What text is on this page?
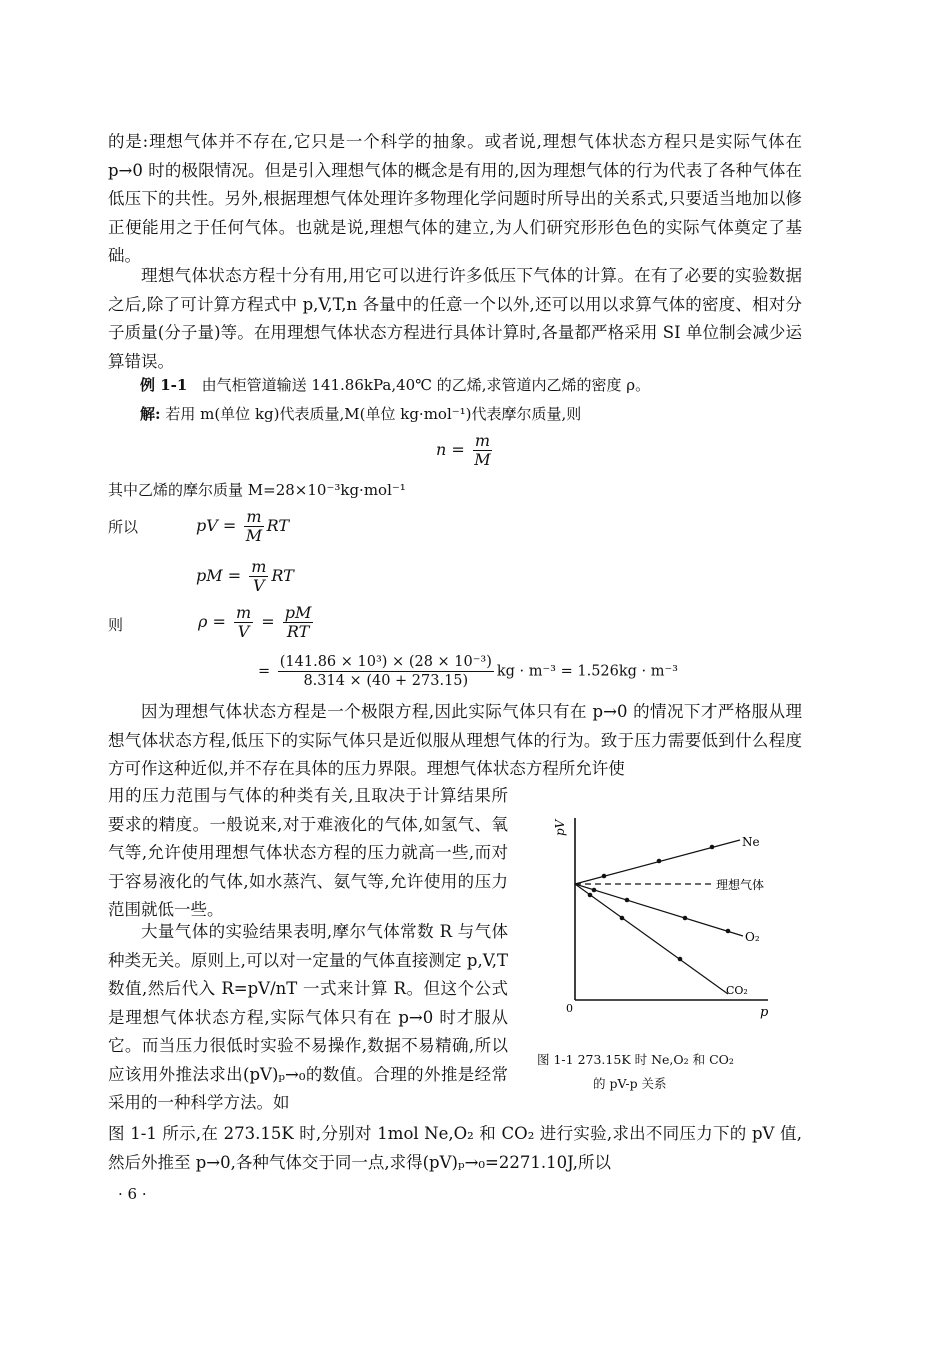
的是:理想气体并不存在,它只是一个科学的抽象。或者说,理想气体状态方程只是实际气体在 p→0 时的极限情况。但是引入理想气体的概念是有用的,因为理想气体的行为代表了各种气体在低压下的共性。另外,根据理想气体处理许多物理化学问题时所导出的关系式,只要适当地加以修正便能用之于任何气体。也就是说,理想气体的建立,为人们研究形形色色的实际气体奠定了基础。

理想气体状态方程十分有用,用它可以进行许多低压下气体的计算。在有了必要的实验数据之后,除了可计算方程式中 p,V,T,n 各量中的任意一个以外,还可以用以求算气体的密度、相对分子质量(分子量)等。在用理想气体状态方程进行具体计算时,各量都严格采用 SI 单位制会减少运算错误。

例 1-1 由气柜管道输送 141.86kPa,40℃ 的乙烯,求管道内乙烯的密度 ρ。
解: 若用 m(单位 kg)代表质量,M(单位 kg·mol⁻¹)代表摩尔质量,则
$n = \frac{m}{M}$
其中乙烯的摩尔质量 M=28×10⁻³kg·mol⁻¹
所以	pV = $\frac{m}{M}$ RT
pM = $\frac{m}{V}$ RT
则	$\rho = \frac{m}{V} = \frac{pM}{RT}$
= $\frac{\text{(141.86 × 10³) × (28 × 10⁻³)}}{8.314 \times (40 + 273.15)}$ kg · m⁻³ = 1.526kg · m⁻³

因为理想气体状态方程是一个极限方程,因此实际气体只有在 p→0 的情况下才严格服从理想气体状态方程,低压下的实际气体只是近似服从理想气体的行为。致于压力需要低到什么程度方可作这种近似,并不存在具体的压力界限。理想气体状态方程所允许使

用的压力范围与气体的种类有关,且取决于计算结果所要求的精度。一般说来,对于难液化的气体,如氢气、氧气等,允许使用理想气体状态方程的压力就高一些,而对于容易液化的气体,如水蒸汽、氨气等,允许使用的压力范围就低一些。

大量气体的实验结果表明,摩尔气体常数 R 与气体种类无关。原则上,可以对一定量的气体直接测定 p,V,T 数值,然后代入 R=pV/nT 一式来计算 R。但这个公式是理想气体状态方程,实际气体只有在 p→0 时才服从它。而当压力很低时实验不易操作,数据不易精确,所以应该用外推法求出(pV)ₚ→₀的数值。合理的外推是经常采用的一种科学方法。如

图 1-1 所示,在 273.15K 时,分别对 1mol Ne,O₂ 和 CO₂ 进行实验,求出不同压力下的 pV 值,然后外推至 p→0,各种气体交于同一点,求得(pV)ₚ→₀=2271.10J,所以

pV
p
0
Ne
理想气体
O₂
CO₂
图 1-1 273.15K 时 Ne,O₂ 和 CO₂
的 pV-p 关系
· 6 ·
